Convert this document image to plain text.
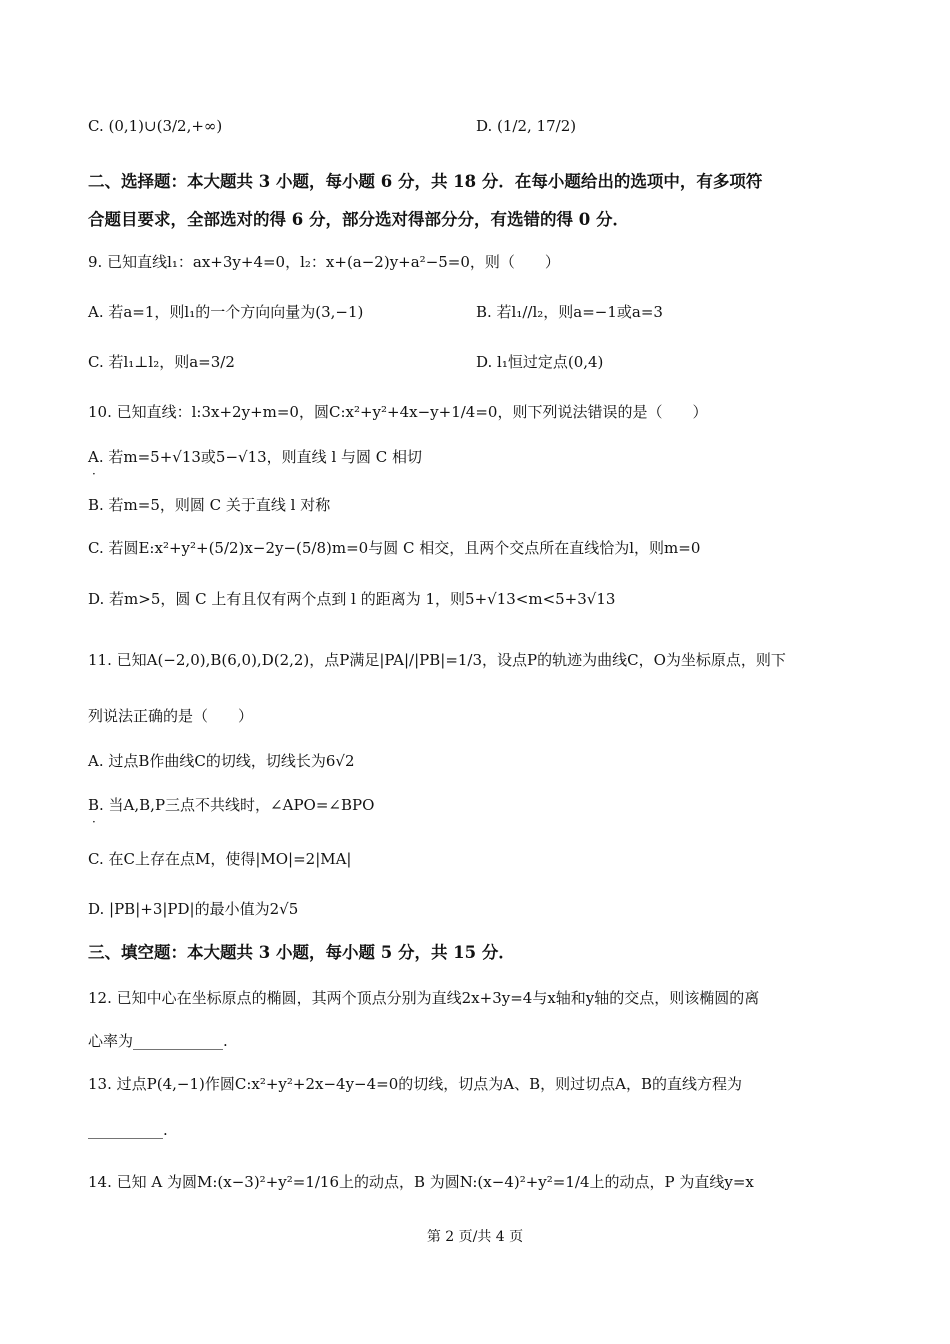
C. (0,1)∪(3/2,+∞)	D. (1/2, 17/2)
二、选择题：本大题共 3 小题，每小题 6 分，共 18 分．在每小题给出的选项中，有多项符
合题目要求，全部选对的得 6 分，部分选对得部分分，有选错的得 0 分．
9. 已知直线l₁：ax+3y+4=0，l₂：x+(a−2)y+a²−5=0，则（　　）
A. 若a=1，则l₁的一个方向向量为(3,−1)	B. 若l₁//l₂，则a=−1或a=3
C. 若l₁⊥l₂，则a=3/2	D. l₁恒过定点(0,4)
10. 已知直线：l:3x+2y+m=0，圆C:x²+y²+4x−y+1/4=0，则下列说法错误的是（　　）
A. 若m=5+√13或5−√13，则直线 l 与圆 C 相切
·
B. 若m=5，则圆 C 关于直线 l 对称
C. 若圆E:x²+y²+(5/2)x−2y−(5/8)m=0与圆 C 相交，且两个交点所在直线恰为l，则m=0
D. 若m>5，圆 C 上有且仅有两个点到 l 的距离为 1，则5+√13<m<5+3√13
11. 已知A(−2,0),B(6,0),D(2,2)，点P满足|PA|/|PB|=1/3，设点P的轨迹为曲线C，O为坐标原点，则下
列说法正确的是（　　）
A. 过点B作曲线C的切线，切线长为6√2
B. 当A,B,P三点不共线时，∠APO=∠BPO
·
C. 在C上存在点M，使得|MO|=2|MA|
D. |PB|+3|PD|的最小值为2√5
三、填空题：本大题共 3 小题，每小题 5 分，共 15 分．
12. 已知中心在坐标原点的椭圆，其两个顶点分别为直线2x+3y=4与x轴和y轴的交点，则该椭圆的离
心率为____________.
13. 过点P(4,−1)作圆C:x²+y²+2x−4y−4=0的切线，切点为A、B，则过切点A，B的直线方程为
__________.
14. 已知 A 为圆M:(x−3)²+y²=1/16上的动点，B 为圆N:(x−4)²+y²=1/4上的动点，P 为直线y=x
第 2 页/共 4 页
